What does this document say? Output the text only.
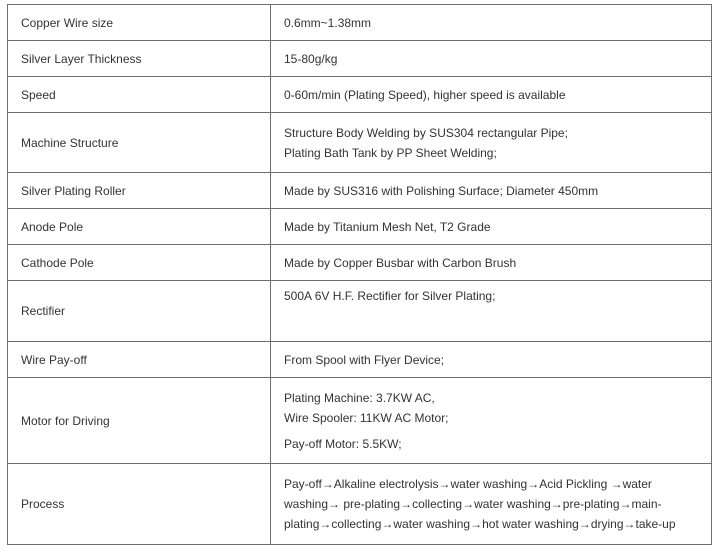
Copper Wire size	0.6mm~1.38mm

Silver Layer Thickness	15-80g/kg

Speed	0-60m/min (Plating Speed), higher speed is available

Machine Structure	Structure Body Welding by SUS304 rectangular Pipe;
Plating Bath Tank by PP Sheet Welding;

Silver Plating Roller	Made by SUS316 with Polishing Surface; Diameter 450mm

Anode Pole	Made by Titanium Mesh Net, T2 Grade

Cathode Pole	Made by Copper Busbar with Carbon Brush

Rectifier	500A 6V H.F. Rectifier for Silver Plating;

Wire Pay-off	From Spool with Flyer Device;

Motor for Driving	Plating Machine: 3.7KW AC,
Wire Spooler: 11KW AC Motor;
Pay-off Motor: 5.5KW;

Process	Pay-off→Alkaline electrolysis→water washing→Acid Pickling →water
washing→ pre-plating→collecting→water washing→pre-plating→main-
plating→collecting→water washing→hot water washing→drying→take-up
